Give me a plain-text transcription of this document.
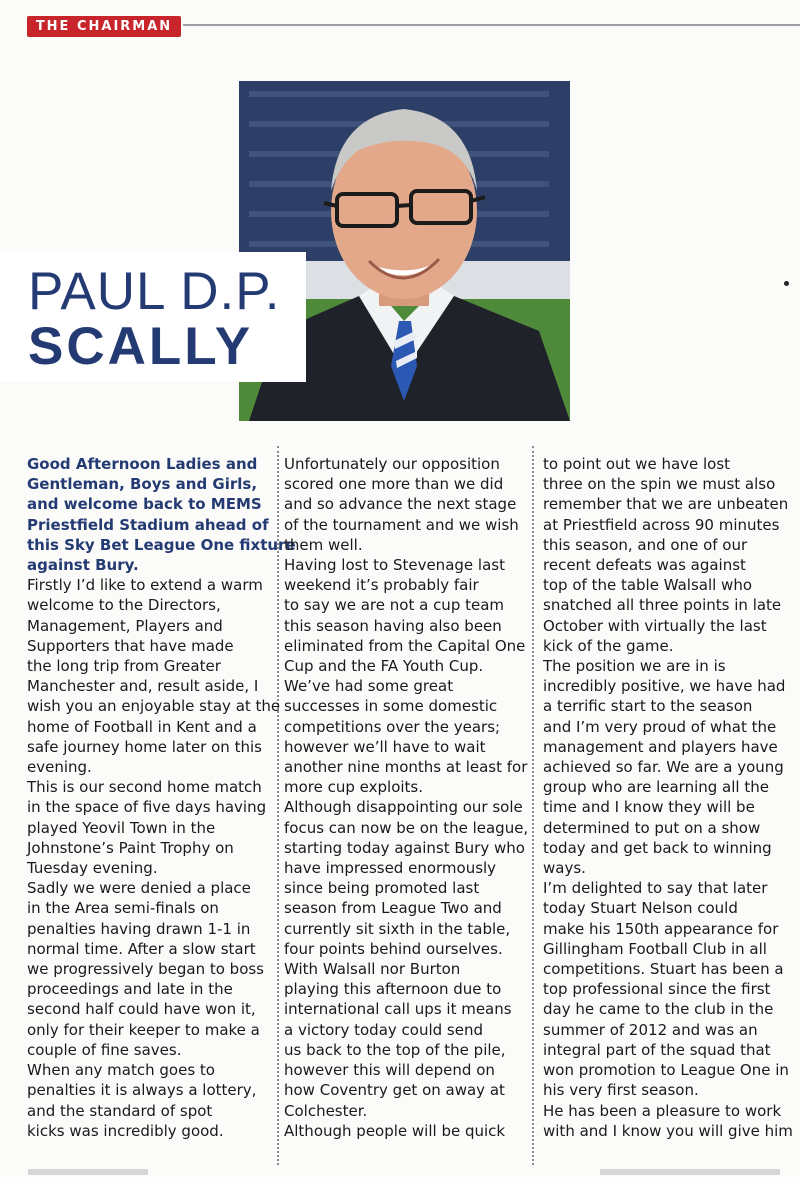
THE CHAIRMAN
PAUL D.P.
SCALLY
Good Afternoon Ladies and
Gentleman, Boys and Girls,
and welcome back to MEMS
Priestfield Stadium ahead of
this Sky Bet League One fixture
against Bury.
Firstly I’d like to extend a warm
welcome to the Directors,
Management, Players and
Supporters that have made
the long trip from Greater
Manchester and, result aside, I
wish you an enjoyable stay at the
home of Football in Kent and a
safe journey home later on this
evening.
This is our second home match
in the space of five days having
played Yeovil Town in the
Johnstone’s Paint Trophy on
Tuesday evening.
Sadly we were denied a place
in the Area semi-finals on
penalties having drawn 1-1 in
normal time. After a slow start
we progressively began to boss
proceedings and late in the
second half could have won it,
only for their keeper to make a
couple of fine saves.
When any match goes to
penalties it is always a lottery,
and the standard of spot
kicks was incredibly good.
Unfortunately our opposition
scored one more than we did
and so advance the next stage
of the tournament and we wish
them well.
Having lost to Stevenage last
weekend it’s probably fair
to say we are not a cup team
this season having also been
eliminated from the Capital One
Cup and the FA Youth Cup.
We’ve had some great
successes in some domestic
competitions over the years;
however we’ll have to wait
another nine months at least for
more cup exploits.
Although disappointing our sole
focus can now be on the league,
starting today against Bury who
have impressed enormously
since being promoted last
season from League Two and
currently sit sixth in the table,
four points behind ourselves.
With Walsall nor Burton
playing this afternoon due to
international call ups it means
a victory today could send
us back to the top of the pile,
however this will depend on
how Coventry get on away at
Colchester.
Although people will be quick
to point out we have lost
three on the spin we must also
remember that we are unbeaten
at Priestfield across 90 minutes
this season, and one of our
recent defeats was against
top of the table Walsall who
snatched all three points in late
October with virtually the last
kick of the game.
The position we are in is
incredibly positive, we have had
a terrific start to the season
and I’m very proud of what the
management and players have
achieved so far. We are a young
group who are learning all the
time and I know they will be
determined to put on a show
today and get back to winning
ways.
I’m delighted to say that later
today Stuart Nelson could
make his 150th appearance for
Gillingham Football Club in all
competitions. Stuart has been a
top professional since the first
day he came to the club in the
summer of 2012 and was an
integral part of the squad that
won promotion to League One in
his very first season.
He has been a pleasure to work
with and I know you will give him
